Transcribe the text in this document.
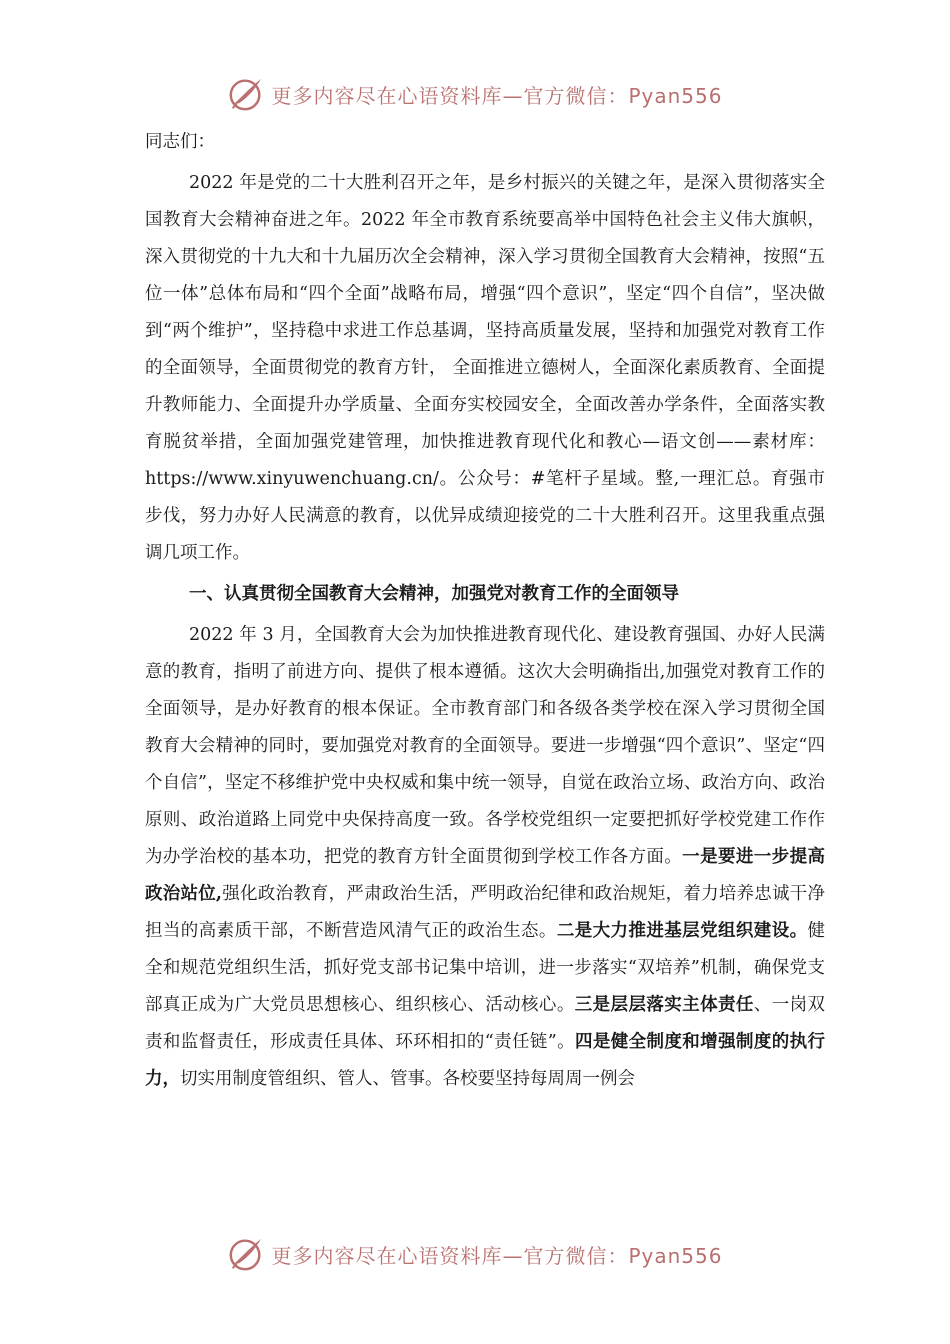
更多内容尽在心语资料库—官方微信：Pyan556

同志们：

2022 年是党的二十大胜利召开之年，是乡村振兴的关键之年，是深入贯彻落实全国教育大会精神奋进之年。2022 年全市教育系统要高举中国特色社会主义伟大旗帜，深入贯彻党的十九大和十九届历次全会精神，深入学习贯彻全国教育大会精神，按照“五位一体”总体布局和“四个全面”战略布局，增强“四个意识”，坚定“四个自信”，坚决做到“两个维护”，坚持稳中求进工作总基调，坚持高质量发展，坚持和加强党对教育工作的全面领导，全面贯彻党的教育方针， 全面推进立德树人，全面深化素质教育、全面提升教师能力、全面提升办学质量、全面夯实校园安全，全面改善办学条件，全面落实教育脱贫举措，全面加强党建管理，加快推进教育现代化和教心—语文创——素材库：https://www.xinyuwenchuang.cn/。公众号：#笔杆子星域。整,一理汇总。育强市步伐，努力办好人民满意的教育，以优异成绩迎接党的二十大胜利召开。这里我重点强调几项工作。

一、认真贯彻全国教育大会精神，加强党对教育工作的全面领导

2022 年 3 月，全国教育大会为加快推进教育现代化、建设教育强国、办好人民满意的教育，指明了前进方向、提供了根本遵循。这次大会明确指出,加强党对教育工作的全面领导，是办好教育的根本保证。全市教育部门和各级各类学校在深入学习贯彻全国教育大会精神的同时，要加强党对教育的全面领导。要进一步增强“四个意识”、坚定“四个自信”，坚定不移维护党中央权威和集中统一领导，自觉在政治立场、政治方向、政治原则、政治道路上同党中央保持高度一致。各学校党组织一定要把抓好学校党建工作作为办学治校的基本功，把党的教育方针全面贯彻到学校工作各方面。一是要进一步提高政治站位,强化政治教育，严肃政治生活，严明政治纪律和政治规矩，着力培养忠诚干净担当的高素质干部，不断营造风清气正的政治生态。二是大力推进基层党组织建设。健全和规范党组织生活，抓好党支部书记集中培训，进一步落实“双培养”机制，确保党支部真正成为广大党员思想核心、组织核心、活动核心。三是层层落实主体责任、一岗双责和监督责任，形成责任具体、环环相扣的“责任链”。四是健全制度和增强制度的执行力，切实用制度管组织、管人、管事。各校要坚持每周周一例会

更多内容尽在心语资料库—官方微信：Pyan556
